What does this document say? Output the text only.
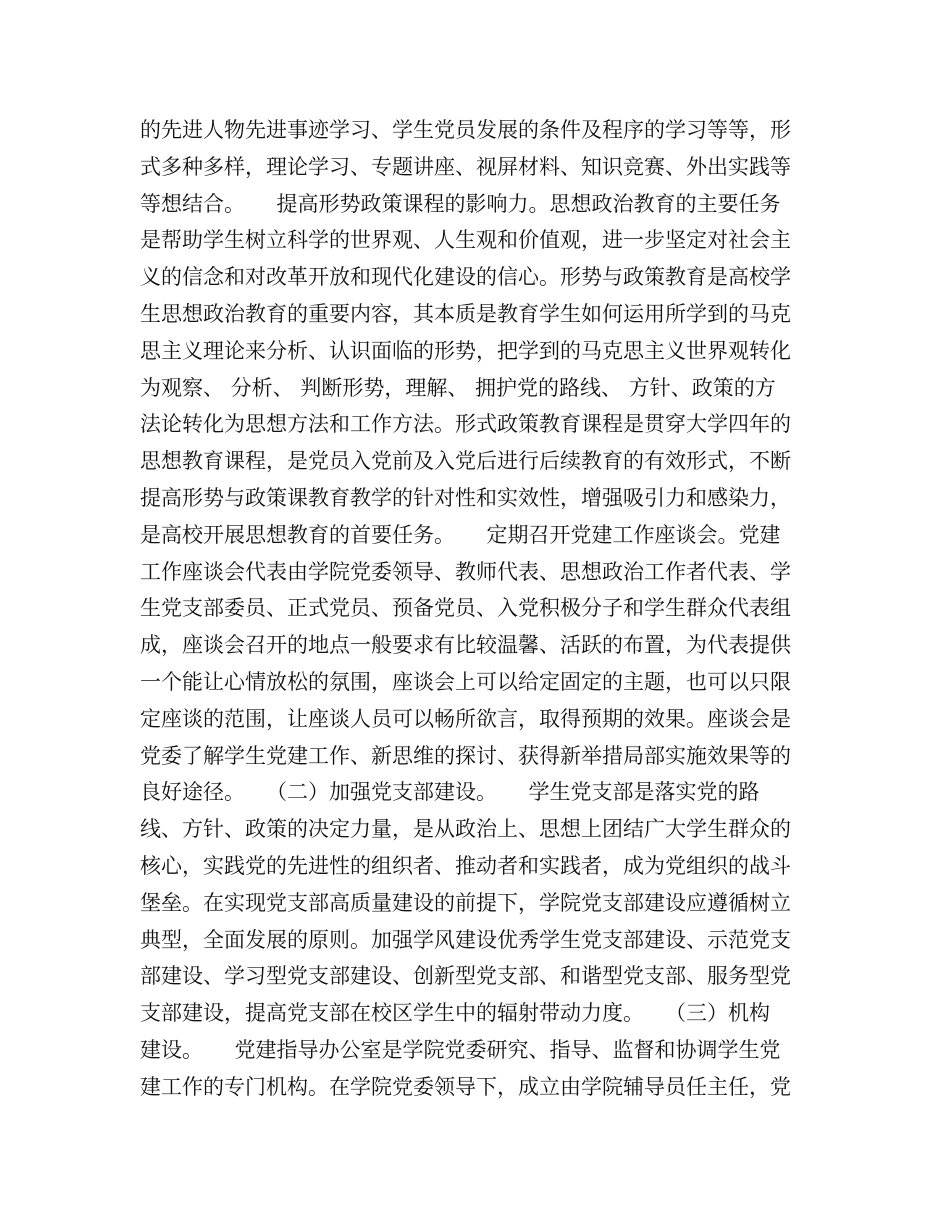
的先进人物先进事迹学习、学生党员发展的条件及程序的学习等等，形
式多种多样，理论学习、专题讲座、视屏材料、知识竞赛、外出实践等
等想结合。　　提高形势政策课程的影响力。思想政治教育的主要任务
是帮助学生树立科学的世界观、人生观和价值观，进一步坚定对社会主
义的信念和对改革开放和现代化建设的信心。形势与政策教育是高校学
生思想政治教育的重要内容，其本质是教育学生如何运用所学到的马克
思主义理论来分析、认识面临的形势，把学到的马克思主义世界观转化
为观察、 分析、 判断形势，理解、 拥护党的路线、 方针、政策的方
法论转化为思想方法和工作方法。形式政策教育课程是贯穿大学四年的
思想教育课程，是党员入党前及入党后进行后续教育的有效形式，不断
提高形势与政策课教育教学的针对性和实效性，增强吸引力和感染力，
是高校开展思想教育的首要任务。　　定期召开党建工作座谈会。党建
工作座谈会代表由学院党委领导、教师代表、思想政治工作者代表、学
生党支部委员、正式党员、预备党员、入党积极分子和学生群众代表组
成，座谈会召开的地点一般要求有比较温馨、活跃的布置，为代表提供
一个能让心情放松的氛围，座谈会上可以给定固定的主题，也可以只限
定座谈的范围，让座谈人员可以畅所欲言，取得预期的效果。座谈会是
党委了解学生党建工作、新思维的探讨、获得新举措局部实施效果等的
良好途径。　　（二）加强党支部建设。　　学生党支部是落实党的路
线、方针、政策的决定力量，是从政治上、思想上团结广大学生群众的
核心，实践党的先进性的组织者、推动者和实践者，成为党组织的战斗
堡垒。在实现党支部高质量建设的前提下，学院党支部建设应遵循树立
典型，全面发展的原则。加强学风建设优秀学生党支部建设、示范党支
部建设、学习型党支部建设、创新型党支部、和谐型党支部、服务型党
支部建设，提高党支部在校区学生中的辐射带动力度。　　（三）机构
建设。　　党建指导办公室是学院党委研究、指导、监督和协调学生党
建工作的专门机构。在学院党委领导下，成立由学院辅导员任主任，党
